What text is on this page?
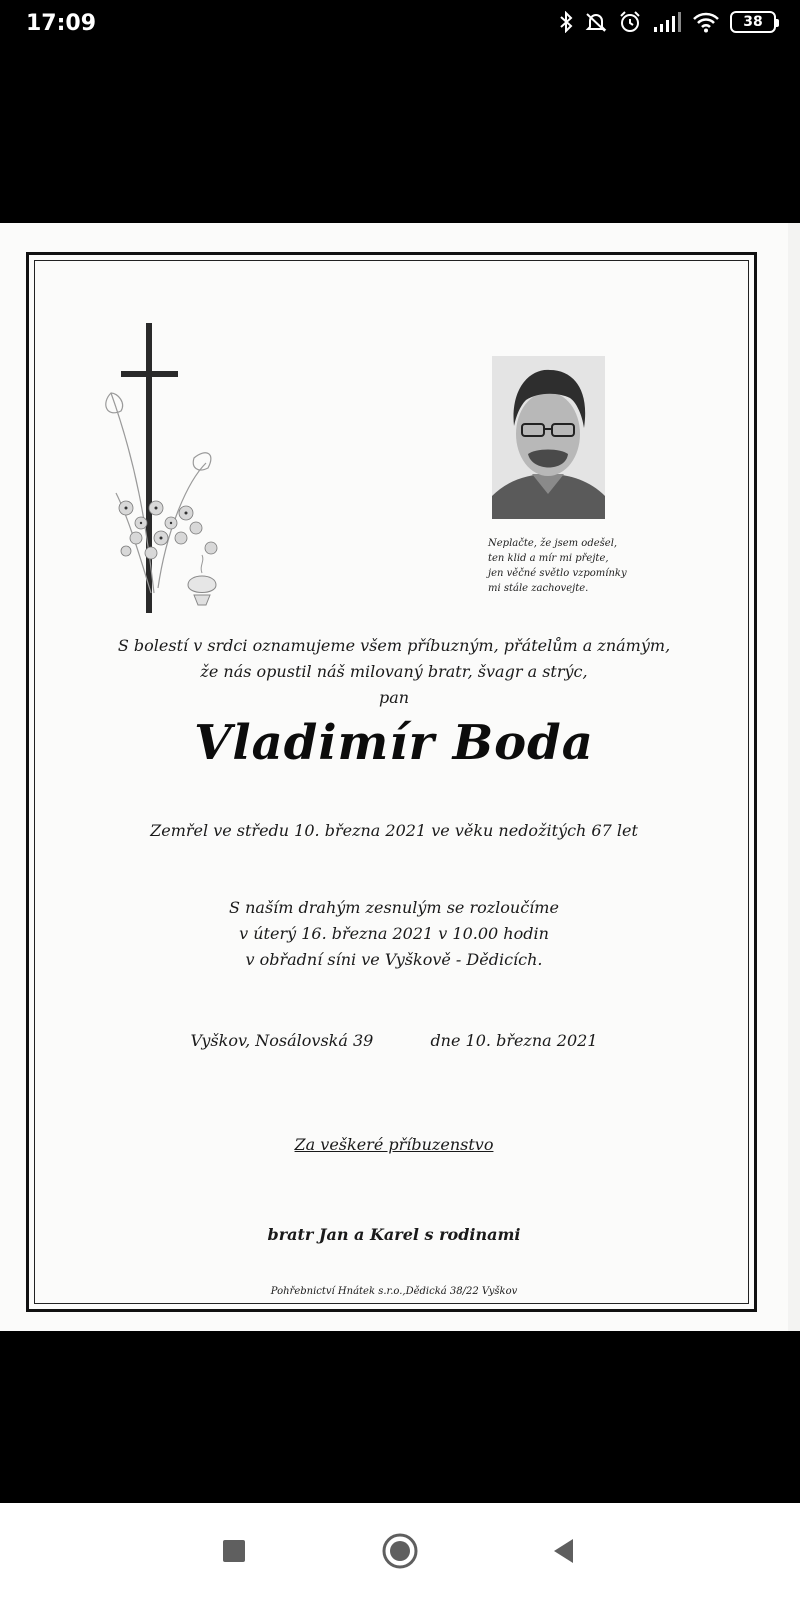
17:09	38
Neplačte, že jsem odešel,
ten klid a mír mi přejte,
jen věčné světlo vzpomínky
mi stále zachovejte.
S bolestí v srdci oznamujeme všem příbuzným, přátelům a známým,
že nás opustil náš milovaný bratr, švagr a strýc,
pan
Vladimír Boda
Zemřel ve středu 10. března 2021 ve věku nedožitých 67 let
S naším drahým zesnulým se rozloučíme
v úterý 16. března 2021 v 10.00 hodin
v obřadní síni ve Vyškově - Dědicích.
Vyškov, Nosálovská 39	dne 10. března 2021
Za veškeré příbuzenstvo
bratr Jan a Karel s rodinami
Pohřebnictví Hnátek s.r.o.,Dědická 38/22 Vyškov
